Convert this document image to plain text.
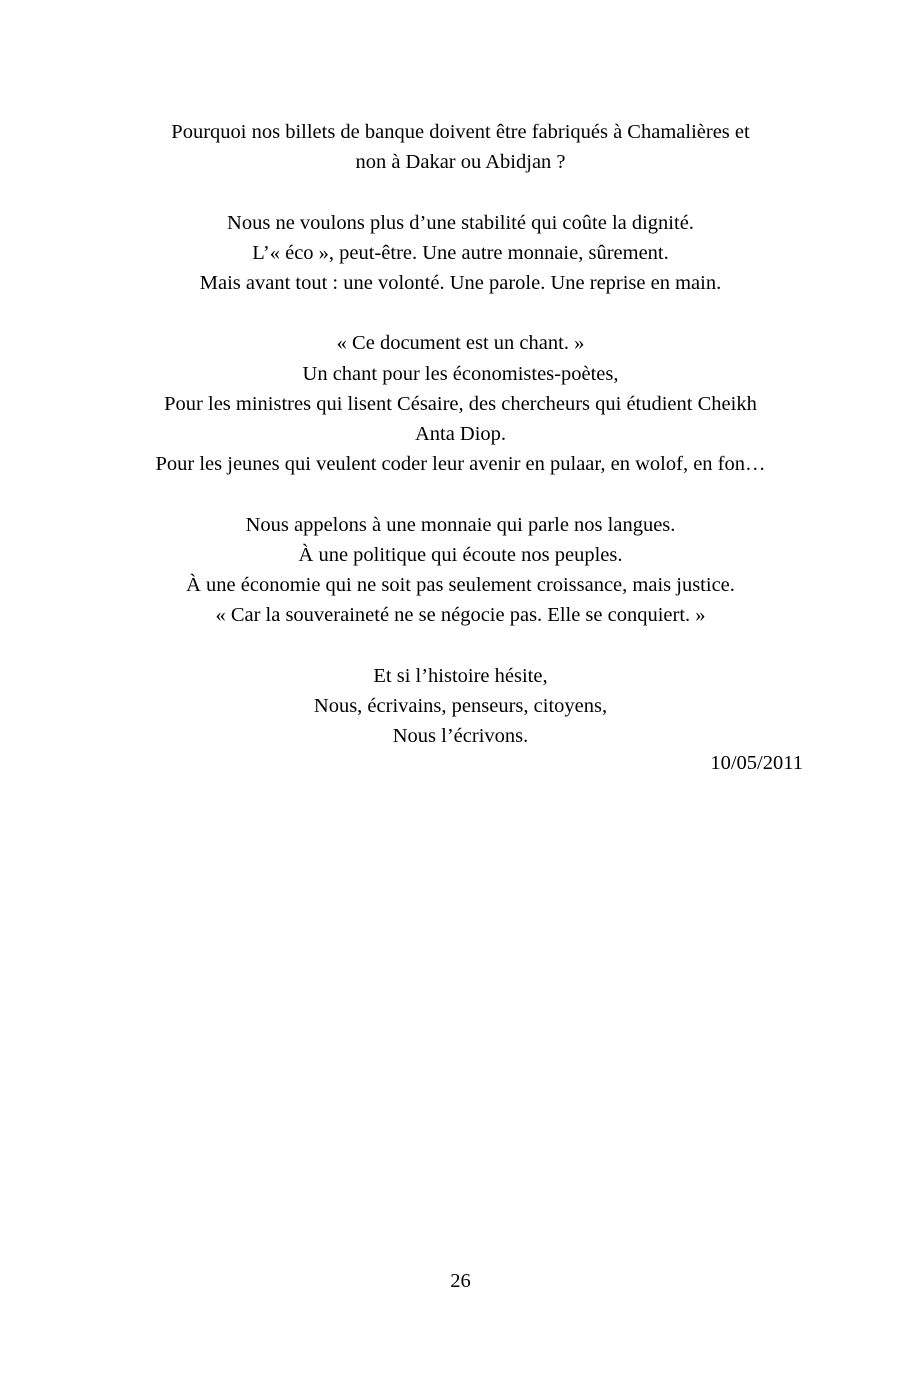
Pourquoi nos billets de banque doivent être fabriqués à Chamalières et
non à Dakar ou Abidjan ?
Nous ne voulons plus d’une stabilité qui coûte la dignité.
L’« éco », peut-être. Une autre monnaie, sûrement.
Mais avant tout : une volonté. Une parole. Une reprise en main.
« Ce document est un chant. »
Un chant pour les économistes-poètes,
Pour les ministres qui lisent Césaire, des chercheurs qui étudient Cheikh
Anta Diop.
Pour les jeunes qui veulent coder leur avenir en pulaar, en wolof, en fon…
Nous appelons à une monnaie qui parle nos langues.
À une politique qui écoute nos peuples.
À une économie qui ne soit pas seulement croissance, mais justice.
« Car la souveraineté ne se négocie pas. Elle se conquiert. »
Et si l’histoire hésite,
Nous, écrivains, penseurs, citoyens,
Nous l’écrivons.
10/05/2011
26
